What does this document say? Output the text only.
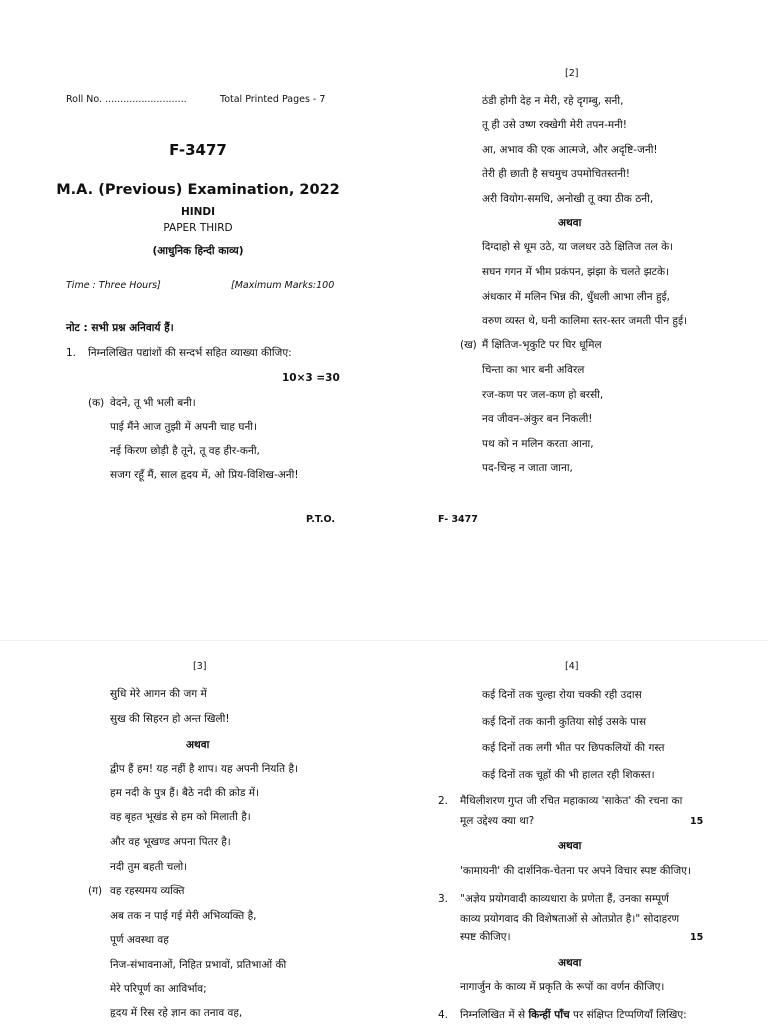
Roll No. ...........................	Total Printed Pages - 7
F-3477
M.A. (Previous) Examination, 2022
HINDI
PAPER THIRD
(आधुनिक हिन्दी काव्य)
Time : Three Hours]	[Maximum Marks:100
नोट : सभी प्रश्न अनिवार्य हैं।
1. निम्नलिखित पद्यांशों की सन्दर्भ सहित व्याख्या कीजिए:
10×3 =30
(क) वेदने, तू भी भली बनी।
पाई मैंने आज तुझी में अपनी चाह घनी।
नई किरण छोड़ी है तूने, तू वह हीर-कनी,
सजग रहूँ मैं, साल हृदय में, ओ प्रिय-विशिख-अनी!
P.T.O.
[2]
ठंडी होगी देह न मेरी, रहे दृगम्बु, सनी,
तू ही उसे उष्ण रक्खेगी मेरी तपन-मनी!
आ, अभाव की एक आत्मजे, और अदृष्टि-जनी!
तेरी ही छाती है सचमुच उपमोचितस्तनी!
अरी वियोग-समधि, अनोखी तू क्या ठीक ठनी,
अथवा
दिग्दाहो से धूम उठे, या जलधर उठे क्षितिज तल के।
सघन गगन में भीम प्रकंपन, झंझा के चलते झटके।
अंधकार में मलिन भिन्न की, धुँधली आभा लीन हुई,
वरुण व्यस्त थे, घनी कालिमा स्तर-स्तर जमती पीन हुई।
(ख) मैं क्षितिज-भृकुटि पर घिर धूमिल
चिन्ता का भार बनी अविरल
रज-कण पर जल-कण हो बरसी,
नव जीवन-अंकुर बन निकली!
पथ को न मलिन करता आना,
पद-चिन्ह न जाता जाना,
F- 3477
[3]
सुधि मेरे आगन की जग में
सुख की सिहरन हो अन्त खिली!
अथवा
द्वीप हैं हम! यह नहीं है शाप। यह अपनी नियति है।
हम नदी के पुत्र हैं। बैठे नदी की क्रोड में।
वह बृहत भूखंड से हम को मिलाती है।
और वह भूखण्ड अपना पितर है।
नदी तुम बहती चलो।
(ग) वह रहस्यमय व्यक्ति
अब तक न पाई गई मेरी अभिव्यक्ति है,
पूर्ण अवस्था वह
निज-संभावनाओं, निहित प्रभावों, प्रतिभाओं की
मेरे परिपूर्ण का आविर्भाव;
हृदय में रिस रहे ज्ञान का तनाव वह,
[4]
कई दिनों तक चुल्हा रोया चक्की रही उदास
कई दिनों तक कानी कुतिया सोई उसके पास
कई दिनों तक लगी भीत पर छिपकलियों की गस्त
कई दिनों तक चूहों की भी हालत रही शिकस्त।
2. मैथिलीशरण गुप्त जी रचित महाकाव्य 'साकेत' की रचना का
मूल उद्देश्य क्या था?	15
अथवा
'कामायनी' की दार्शनिक-चेतना पर अपने विचार स्पष्ट कीजिए।
3. "अज्ञेय प्रयोगवादी काव्यधारा के प्रणेता हैं, उनका सम्पूर्ण
काव्य प्रयोगवाद की विशेषताओं से ओतप्रोत है।" सोदाहरण
स्पष्ट कीजिए।	15
अथवा
नागार्जुन के काव्य में प्रकृति के रूपों का वर्णन कीजिए।
4. निम्नलिखित में से किन्हीं पाँच पर संक्षिप्त टिप्पणियाँ लिखिए:
